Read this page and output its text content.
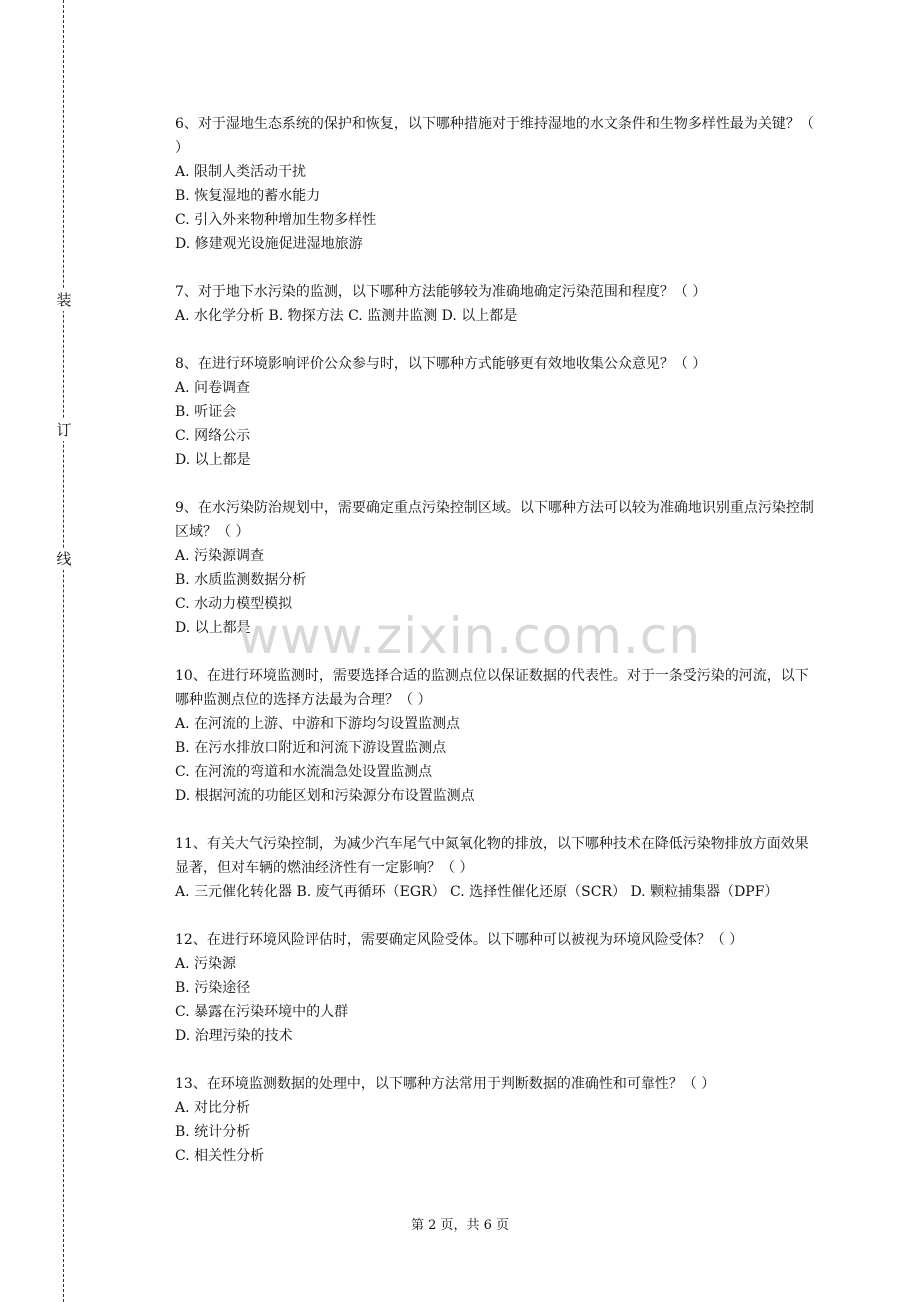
装
订
线

6、对于湿地生态系统的保护和恢复，以下哪种措施对于维持湿地的水文条件和生物多样性最为关键？（ ）

A. 限制人类活动干扰

B. 恢复湿地的蓄水能力

C. 引入外来物种增加生物多样性

D. 修建观光设施促进湿地旅游

7、对于地下水污染的监测，以下哪种方法能够较为准确地确定污染范围和程度？（ ）

A. 水化学分析 B. 物探方法 C. 监测井监测 D. 以上都是

8、在进行环境影响评价公众参与时，以下哪种方式能够更有效地收集公众意见？（ ）

A. 问卷调查

B. 听证会

C. 网络公示

D. 以上都是

9、在水污染防治规划中，需要确定重点污染控制区域。以下哪种方法可以较为准确地识别重点污染控制区域？（ ）

A. 污染源调查

B. 水质监测数据分析

C. 水动力模型模拟

D. 以上都是

10、在进行环境监测时，需要选择合适的监测点位以保证数据的代表性。对于一条受污染的河流，以下哪种监测点位的选择方法最为合理？（ ）

A. 在河流的上游、中游和下游均匀设置监测点

B. 在污水排放口附近和河流下游设置监测点

C. 在河流的弯道和水流湍急处设置监测点

D. 根据河流的功能区划和污染源分布设置监测点

11、有关大气污染控制，为减少汽车尾气中氮氧化物的排放，以下哪种技术在降低污染物排放方面效果显著，但对车辆的燃油经济性有一定影响？（ ）

A. 三元催化转化器 B. 废气再循环（EGR） C. 选择性催化还原（SCR） D. 颗粒捕集器（DPF）

12、在进行环境风险评估时，需要确定风险受体。以下哪种可以被视为环境风险受体？（ ）

A. 污染源

B. 污染途径

C. 暴露在污染环境中的人群

D. 治理污染的技术

13、在环境监测数据的处理中，以下哪种方法常用于判断数据的准确性和可靠性？（ ）

A. 对比分析

B. 统计分析

C. 相关性分析

www.zixin.com.cn
第 2 页，共 6 页
